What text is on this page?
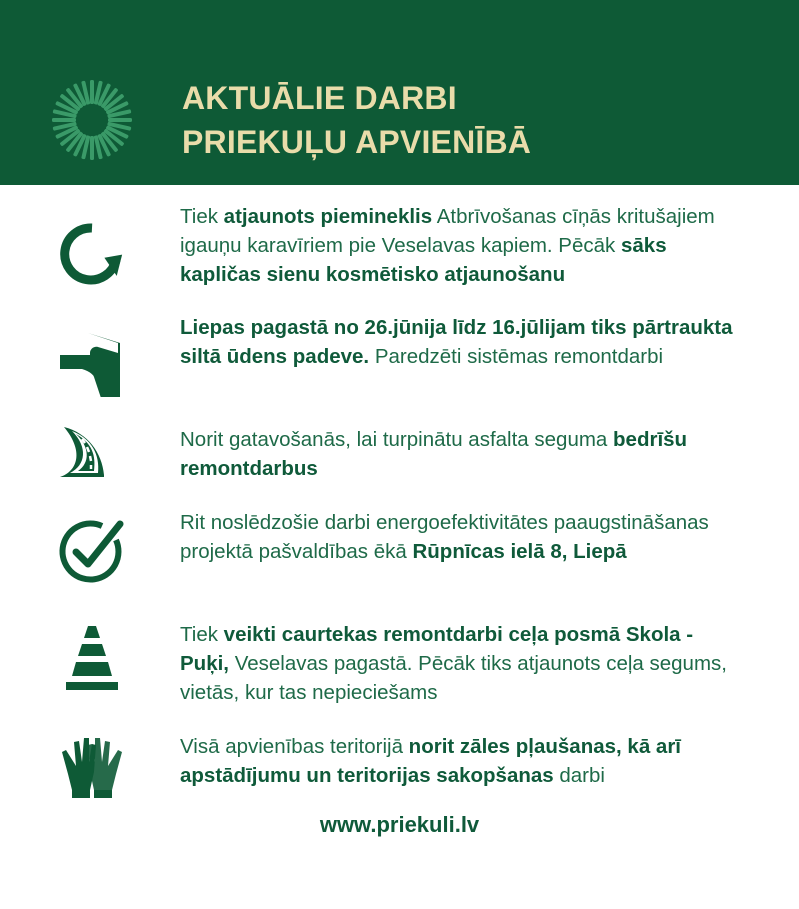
AKTUĀLIE DARBI
PRIEKUĻU APVIENĪBĀ
Tiek atjaunots piemineklis Atbrīvošanas cīņās kritušajiem igauņu karavīriem pie Veselavas kapiem. Pēcāk sāks kapličas sienu kosmētisko atjaunošanu
Liepas pagastā no 26.jūnija līdz 16.jūlijam tiks pārtraukta siltā ūdens padeve. Paredzēti sistēmas remontdarbi
Norit gatavošanās, lai turpinātu asfalta seguma bedrīšu remontdarbus
Rit noslēdzošie darbi energoefektivitātes paaugstināšanas projektā pašvaldības ēkā Rūpnīcas ielā 8, Liepā
Tiek veikti caurtekas remontdarbi ceļa posmā Skola - Puķi, Veselavas pagastā. Pēcāk tiks atjaunots ceļa segums, vietās, kur tas nepieciešams
Visā apvienības teritorijā norit zāles pļaušanas, kā arī apstādījumu un teritorijas sakopšanas darbi
www.priekuli.lv
